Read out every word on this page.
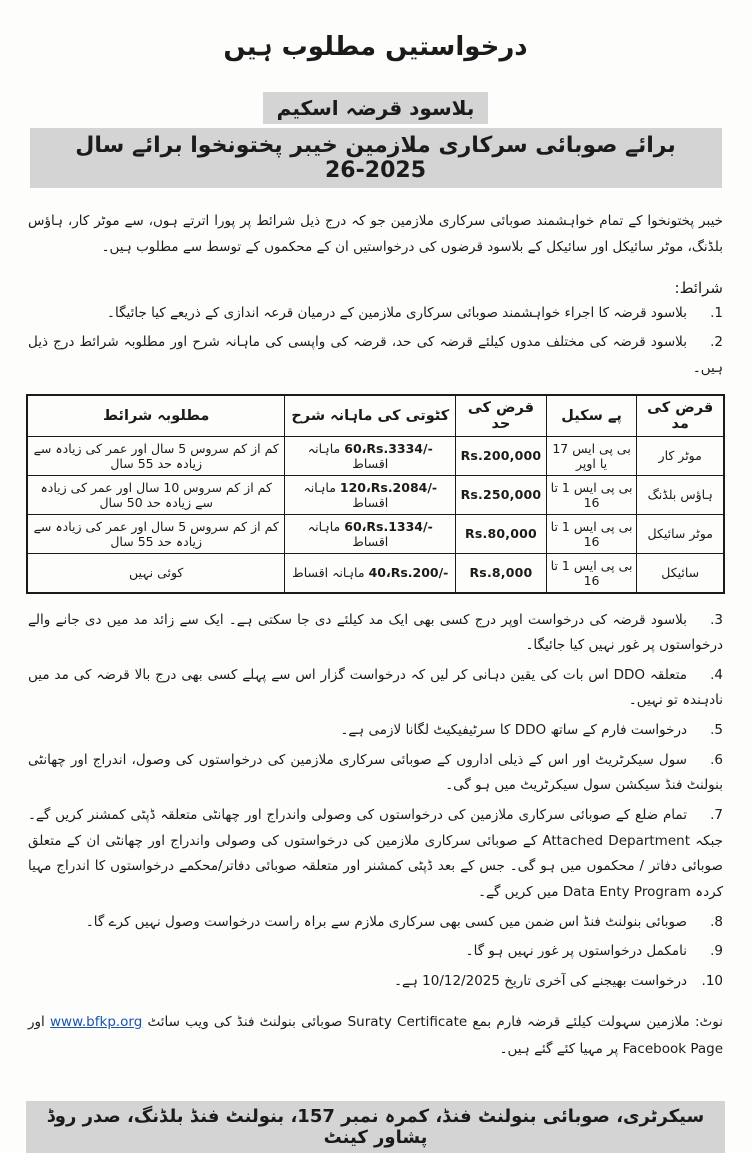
درخواستیں مطلوب ہیں
بلاسود قرضہ اسکیم
برائے صوبائی سرکاری ملازمین خیبر پختونخوا برائے سال 2025-26

خیبر پختونخوا کے تمام خواہشمند صوبائی سرکاری ملازمین جو کہ درج ذیل شرائط پر پورا اترتے ہوں، سے موٹر کار، ہاؤس بلڈنگ، موٹر سائیکل اور سائیکل کے بلاسود قرضوں کی درخواستیں ان کے محکموں کے توسط سے مطلوب ہیں۔

شرائط:

1.بلاسود قرضہ کا اجراء خواہشمند صوبائی سرکاری ملازمین کے درمیان قرعہ اندازی کے ذریعے کیا جائیگا۔

2.بلاسود قرضہ کی مختلف مدوں کیلئے قرضہ کی حد، قرضہ کی واپسی کی ماہانہ شرح اور مطلوبہ شرائط درج ذیل ہیں۔

قرض کی مد	پے سکیل	قرض کی حد	کٹوتی کی ماہانہ شرح	مطلوبہ شرائط
موٹر کار	بی پی ایس 17 یا اوپر	Rs.200,000	60،Rs.3334/-ماہانہ اقساط	کم از کم سروس 5 سال اور عمر کی زیادہ سے زیادہ حد 55 سال
ہاؤس بلڈنگ	بی پی ایس 1 تا 16	Rs.250,000	120،Rs.2084/-ماہانہ اقساط	کم از کم سروس 10 سال اور عمر کی زیادہ سے زیادہ حد 50 سال
موٹر سائیکل	بی پی ایس 1 تا 16	Rs.80,000	60،Rs.1334/-ماہانہ اقساط	کم از کم سروس 5 سال اور عمر کی زیادہ سے زیادہ حد 55 سال
سائیکل	بی پی ایس 1 تا 16	Rs.8,000	40،Rs.200/-ماہانہ اقساط	کوئی نہیں

3.بلاسود قرضہ کی درخواست اوپر درج کسی بھی ایک مد کیلئے دی جا سکتی ہے۔ ایک سے زائد مد میں دی جانے والے درخواستوں پر غور نہیں کیا جائیگا۔

4.متعلقہ DDO اس بات کی یقین دہانی کر لیں کہ درخواست گزار اس سے پہلے کسی بھی درج بالا قرضہ کی مد میں نادہندہ تو نہیں۔

5.درخواست فارم کے ساتھ DDO کا سرٹیفیکیٹ لگانا لازمی ہے۔

6.سول سیکرٹریٹ اور اس کے ذیلی اداروں کے صوبائی سرکاری ملازمین کی درخواستوں کی وصول، اندراج اور چھانٹی بنولنٹ فنڈ سیکشن سول سیکرٹریٹ میں ہو گی۔

7.تمام ضلع کے صوبائی سرکاری ملازمین کی درخواستوں کی وصولی واندراج اور چھانٹی متعلقہ ڈپٹی کمشنر کریں گے۔ جبکہ Attached Department کے صوبائی سرکاری ملازمین کی درخواستوں کی وصولی واندراج اور چھانٹی ان کے متعلق صوبائی دفاتر / محکموں میں ہو گی۔ جس کے بعد ڈپٹی کمشنر اور متعلقہ صوبائی دفاتر/محکمے درخواستوں کا اندراج مہیا کردہ Data Enty Program میں کریں گے۔

8.صوبائی بنولنٹ فنڈ اس ضمن میں کسی بھی سرکاری ملازم سے براہ راست درخواست وصول نہیں کرے گا۔

9.نامکمل درخواستوں پر غور نہیں ہو گا۔

10.درخواست بھیجنے کی آخری تاریخ 10/12/2025 ہے۔

نوٹ: ملازمین سہولت کیلئے قرضہ فارم بمع Suraty Certificate صوبائی بنولنٹ فنڈ کی ویب سائٹ www.bfkp.org اور Facebook Page پر مہیا کئے گئے ہیں۔

سیکرٹری، صوبائی بنولنٹ فنڈ، کمرہ نمبر 157، بنولنٹ فنڈ بلڈنگ، صدر روڈ پشاور کینٹ
